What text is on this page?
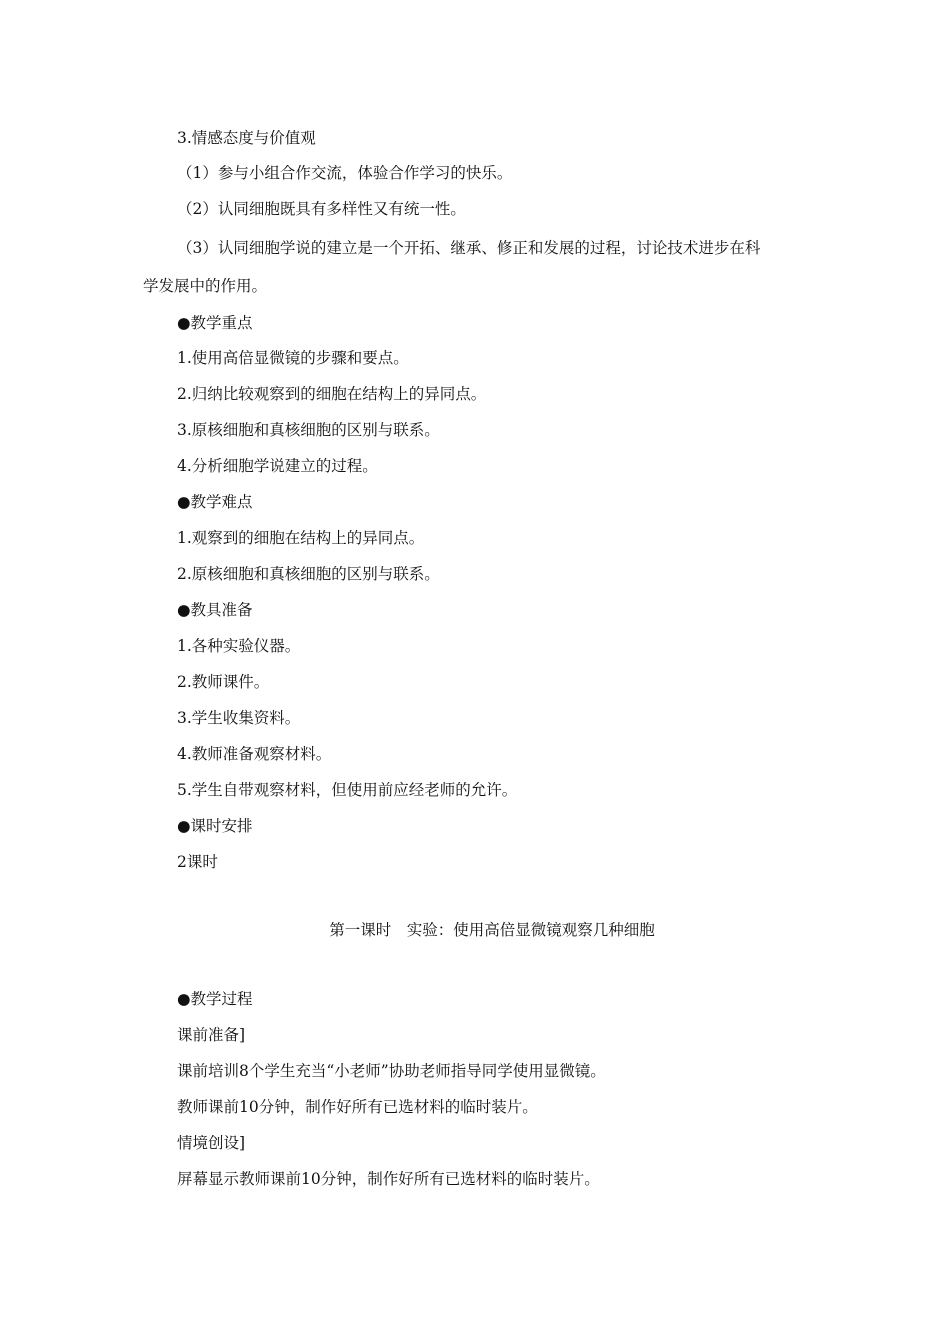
3.情感态度与价值观
（1）参与小组合作交流，体验合作学习的快乐。
（2）认同细胞既具有多样性又有统一性。
（3）认同细胞学说的建立是一个开拓、继承、修正和发展的过程，讨论技术进步在科
学发展中的作用。
●教学重点
1.使用高倍显微镜的步骤和要点。
2.归纳比较观察到的细胞在结构上的异同点。
3.原核细胞和真核细胞的区别与联系。
4.分析细胞学说建立的过程。
●教学难点
1.观察到的细胞在结构上的异同点。
2.原核细胞和真核细胞的区别与联系。
●教具准备
1.各种实验仪器。
2.教师课件。
3.学生收集资料。
4.教师准备观察材料。
5.学生自带观察材料，但使用前应经老师的允许。
●课时安排
2课时
第一课时　实验：使用高倍显微镜观察几种细胞
●教学过程
课前准备]
课前培训8个学生充当“小老师”协助老师指导同学使用显微镜。
教师课前10分钟，制作好所有已选材料的临时装片。
情境创设]
屏幕显示教师课前10分钟，制作好所有已选材料的临时装片。
